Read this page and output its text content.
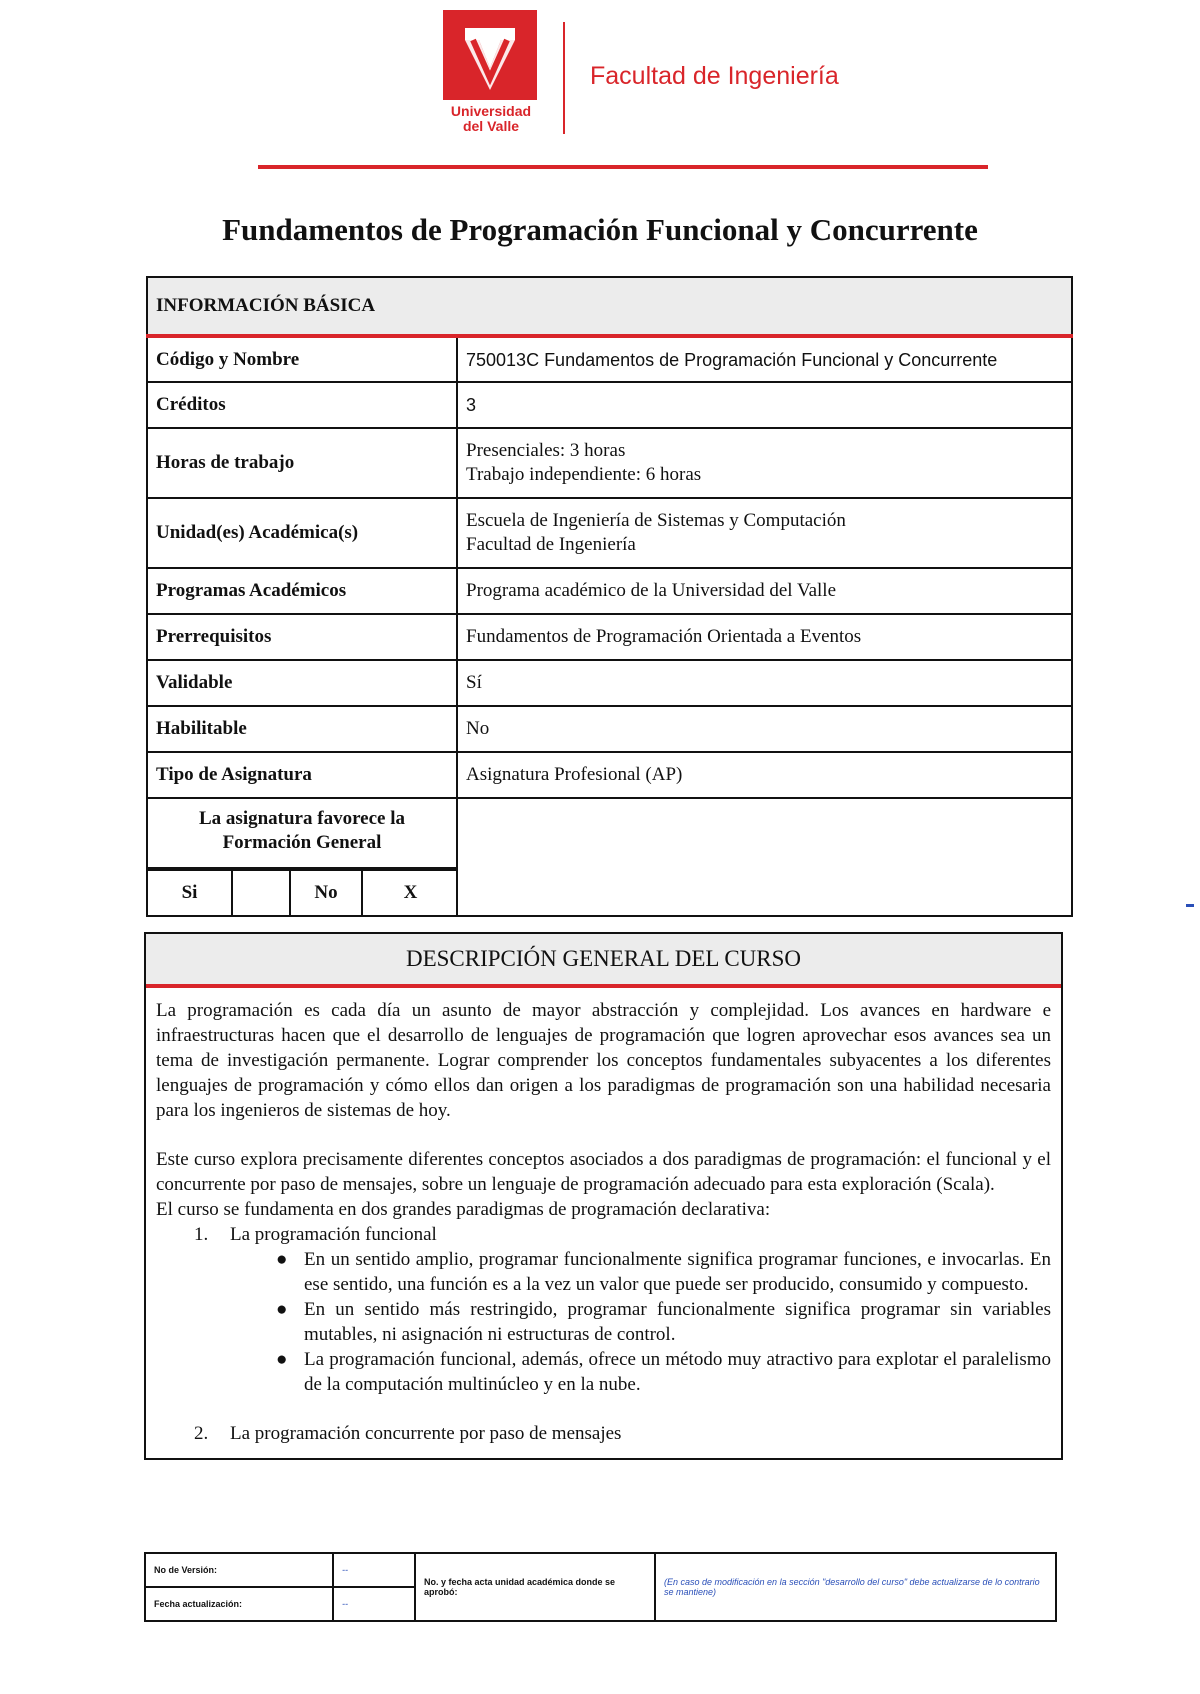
Universidad del Valle
Facultad de Ingeniería
Fundamentos de Programación Funcional y Concurrente
INFORMACIÓN BÁSICA
Código y Nombre	750013C Fundamentos de Programación Funcional y Concurrente
Créditos	3
Horas de trabajo	
Presenciales: 3 horas
Trabajo independiente: 6 horas

Unidad(es) Académica(s)	
Escuela de Ingeniería de Sistemas y Computación
Facultad de Ingeniería

Programas Académicos	Programa académico de la Universidad del Valle
Prerrequisitos	Fundamentos de Programación Orientada a Eventos
Validable	Sí
Habilitable	No
Tipo de Asignatura	Asignatura Profesional (AP)

La asignatura favorece la Formación General
Si		No	X

DESCRIPCIÓN GENERAL DEL CURSO

La programación es cada día un asunto de mayor abstracción y complejidad. Los avances en hardware e infraestructuras hacen que el desarrollo de lenguajes de programación que logren aprovechar esos avances sea un tema de investigación permanente. Lograr comprender los conceptos fundamentales subyacentes a los diferentes lenguajes de programación y cómo ellos dan origen a los paradigmas de programación son una habilidad necesaria para los ingenieros de sistemas de hoy.

Este curso explora precisamente diferentes conceptos asociados a dos paradigmas de programación: el funcional y el concurrente por paso de mensajes, sobre un lenguaje de programación adecuado para esta exploración (Scala).

El curso se fundamenta en dos grandes paradigmas de programación declarativa:

1. La programación funcional
● En un sentido amplio, programar funcionalmente significa programar funciones, e invocarlas. En ese sentido, una función es a la vez un valor que puede ser producido, consumido y compuesto.
● En un sentido más restringido, programar funcionalmente significa programar sin variables mutables, ni asignación ni estructuras de control.
● La programación funcional, además, ofrece un método muy atractivo para explotar el paralelismo de la computación multinúcleo y en la nube.
2. La programación concurrente por paso de mensajes
No de Versión:	--	No. y fecha acta unidad académica donde se aprobó:	(En caso de modificación en la sección "desarrollo del curso" debe actualizarse de lo contrario se mantiene)
Fecha actualización:	--		
